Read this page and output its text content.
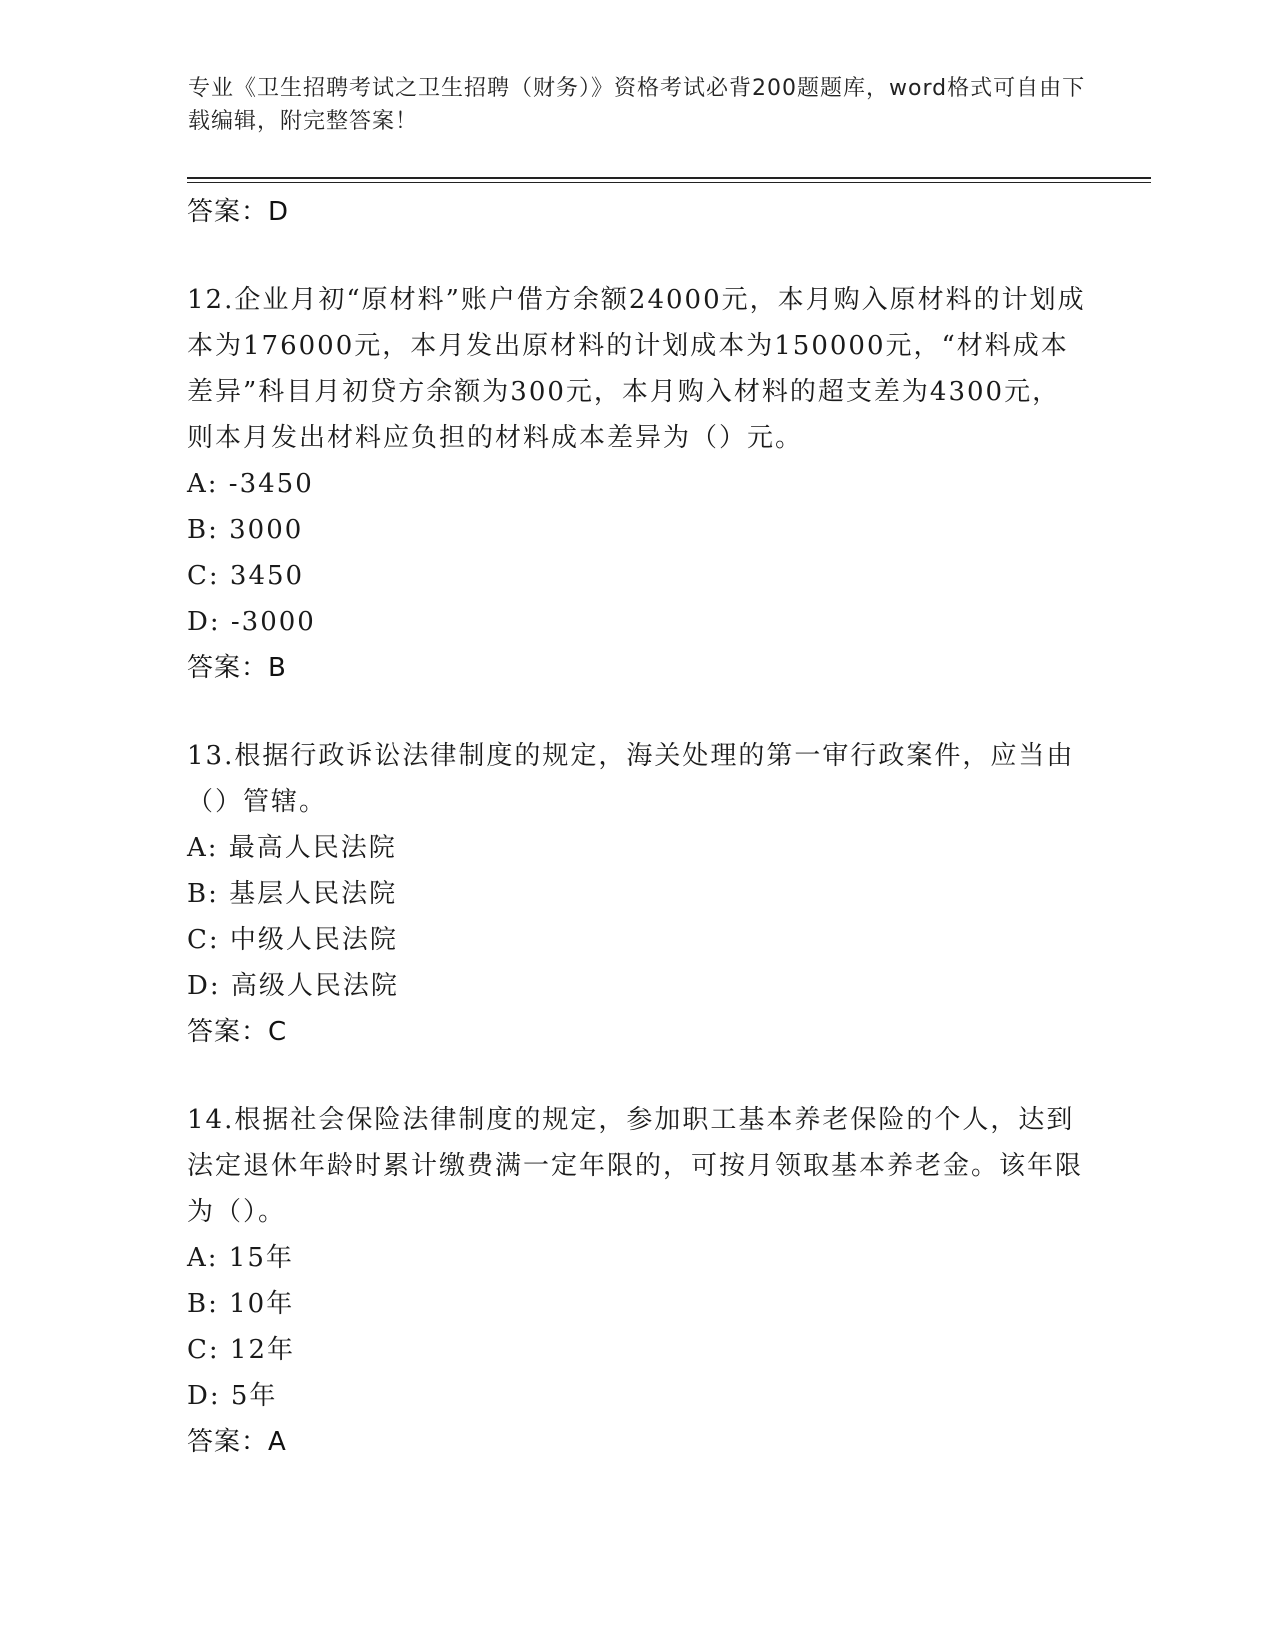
专业《卫生招聘考试之卫生招聘（财务）》资格考试必背200题题库，word格式可自由下载编辑，附完整答案！
答案：D

12.企业月初“原材料”账户借方余额24000元，本月购入原材料的计划成本为176000元，本月发出原材料的计划成本为150000元，“材料成本差异”科目月初贷方余额为300元，本月购入材料的超支差为4300元，则本月发出材料应负担的材料成本差异为（）元。

A: -3450
B: 3000
C: 3450
D: -3000
答案：B

13.根据行政诉讼法律制度的规定，海关处理的第一审行政案件，应当由（）管辖。

A: 最高人民法院
B: 基层人民法院
C: 中级人民法院
D: 高级人民法院
答案：C

14.根据社会保险法律制度的规定，参加职工基本养老保险的个人，达到法定退休年龄时累计缴费满一定年限的，可按月领取基本养老金。该年限为（）。

A: 15年
B: 10年
C: 12年
D: 5年
答案：A
